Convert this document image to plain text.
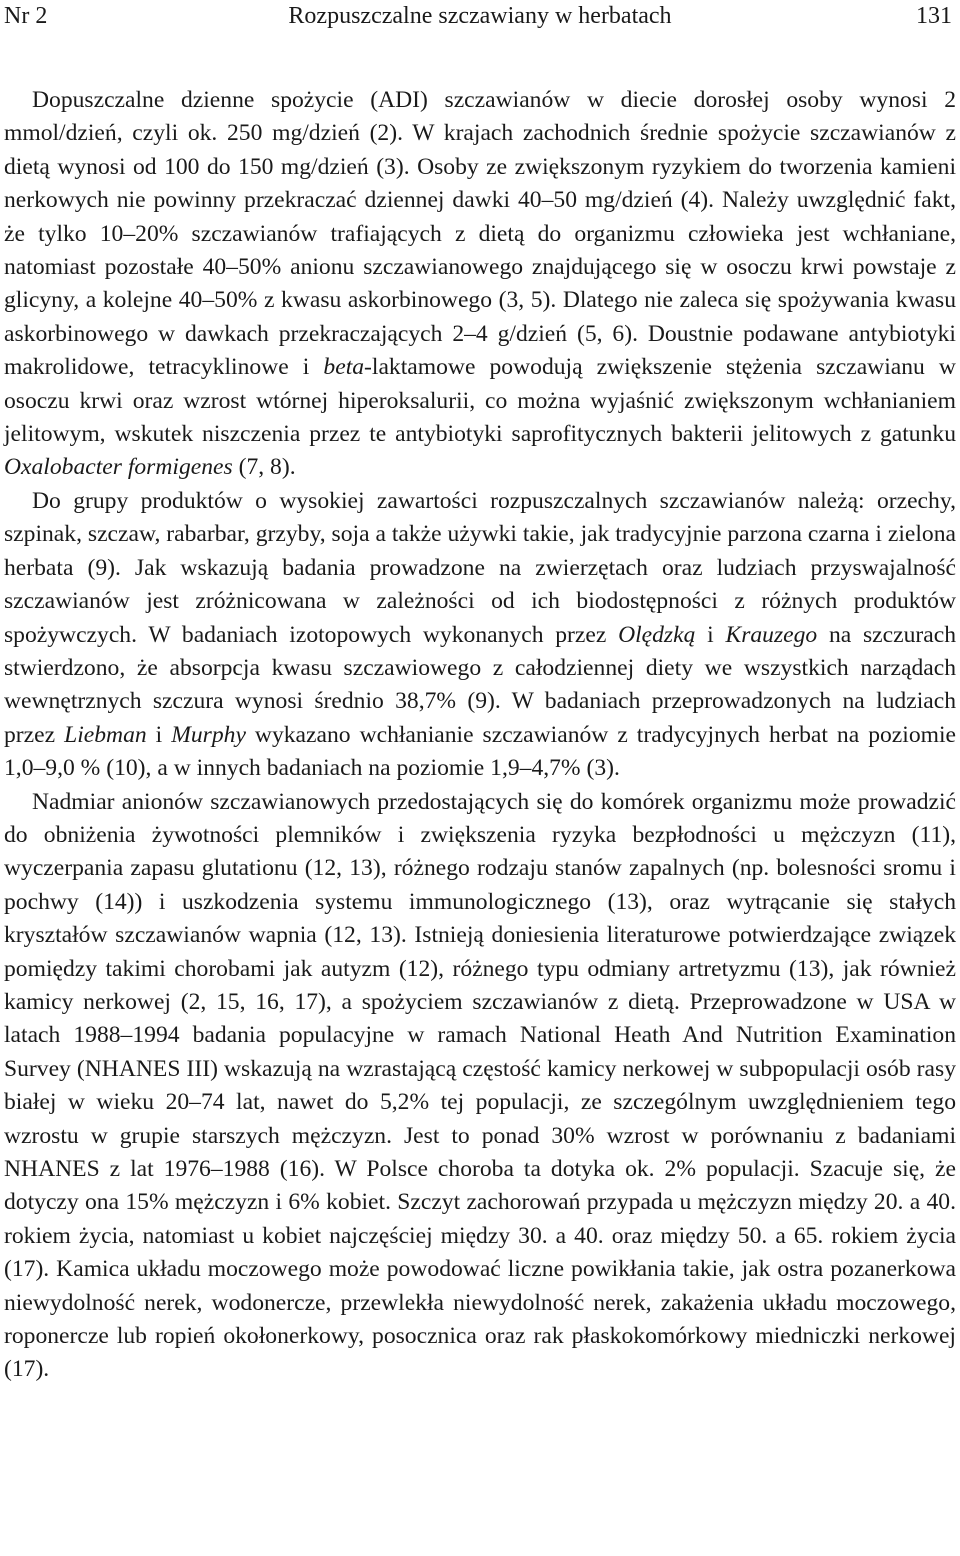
Nr 2	Rozpuszczalne szczawiany w herbatach	131

Dopuszczalne dzienne spożycie (ADI) szczawianów w diecie dorosłej osoby wynosi 2 mmol/dzień, czyli ok. 250 mg/dzień (2). W krajach zachodnich średnie spożycie szczawianów z dietą wynosi od 100 do 150 mg/dzień (3). Osoby ze zwiększonym ryzykiem do tworzenia kamieni nerkowych nie powinny przekraczać dziennej dawki 40–50 mg/dzień (4). Należy uwzględnić fakt, że tylko 10–20% szczawianów trafiających z dietą do organizmu człowieka jest wchłaniane, natomiast pozostałe 40–50% anionu szczawianowego znajdującego się w osoczu krwi powstaje z glicyny, a kolejne 40–50% z kwasu askorbinowego (3, 5). Dlatego nie zaleca się spożywania kwasu askorbinowego w dawkach przekraczających 2–4 g/dzień (5, 6). Doustnie podawane antybiotyki makrolidowe, tetracyklinowe i beta-laktamowe powodują zwiększenie stężenia szczawianu w osoczu krwi oraz wzrost wtórnej hiperoksalurii, co można wyjaśnić zwiększonym wchłanianiem jelitowym, wskutek niszczenia przez te antybiotyki saprofitycznych bakterii jelitowych z gatunku Oxalobacter formigenes (7, 8).

Do grupy produktów o wysokiej zawartości rozpuszczalnych szczawianów należą: orzechy, szpinak, szczaw, rabarbar, grzyby, soja a także używki takie, jak tradycyjnie parzona czarna i zielona herbata (9). Jak wskazują badania prowadzone na zwierzętach oraz ludziach przyswajalność szczawianów jest zróżnicowana w zależności od ich biodostępności z różnych produktów spożywczych. W badaniach izotopowych wykonanych przez Olędzką i Krauzego na szczurach stwierdzono, że absorpcja kwasu szczawiowego z całodziennej diety we wszystkich narządach wewnętrznych szczura wynosi średnio 38,7% (9). W badaniach przeprowadzonych na ludziach przez Liebman i Murphy wykazano wchłanianie szczawianów z tradycyjnych herbat na poziomie 1,0–9,0 % (10), a w innych badaniach na poziomie 1,9–4,7% (3).

Nadmiar anionów szczawianowych przedostających się do komórek organizmu może prowadzić do obniżenia żywotności plemników i zwiększenia ryzyka bezpłodności u mężczyzn (11), wyczerpania zapasu glutationu (12, 13), różnego rodzaju stanów zapalnych (np. bolesności sromu i pochwy (14)) i uszkodzenia systemu immunologicznego (13), oraz wytrącanie się stałych kryształów szczawianów wapnia (12, 13). Istnieją doniesienia literaturowe potwierdzające związek pomiędzy takimi chorobami jak autyzm (12), różnego typu odmiany artretyzmu (13), jak również kamicy nerkowej (2, 15, 16, 17), a spożyciem szczawianów z dietą. Przeprowadzone w USA w latach 1988–1994 badania populacyjne w ramach National Heath And Nutrition Examination Survey (NHANES III) wskazują na wzrastającą częstość kamicy nerkowej w subpopulacji osób rasy białej w wieku 20–74 lat, nawet do 5,2% tej populacji, ze szczególnym uwzględnieniem tego wzrostu w grupie starszych mężczyzn. Jest to ponad 30% wzrost w porównaniu z badaniami NHANES z lat 1976–1988 (16). W Polsce choroba ta dotyka ok. 2% populacji. Szacuje się, że dotyczy ona 15% mężczyzn i 6% kobiet. Szczyt zachorowań przypada u mężczyzn między 20. a 40. rokiem życia, natomiast u kobiet najczęściej między 30. a 40. oraz między 50. a 65. rokiem życia (17). Kamica układu moczowego może powodować liczne powikłania takie, jak ostra pozanerkowa niewydolność nerek, wodonercze, przewlekła niewydolność nerek, zakażenia układu moczowego, roponercze lub ropień okołonerkowy, posocznica oraz rak płaskokomórkowy miedniczki nerkowej (17).
